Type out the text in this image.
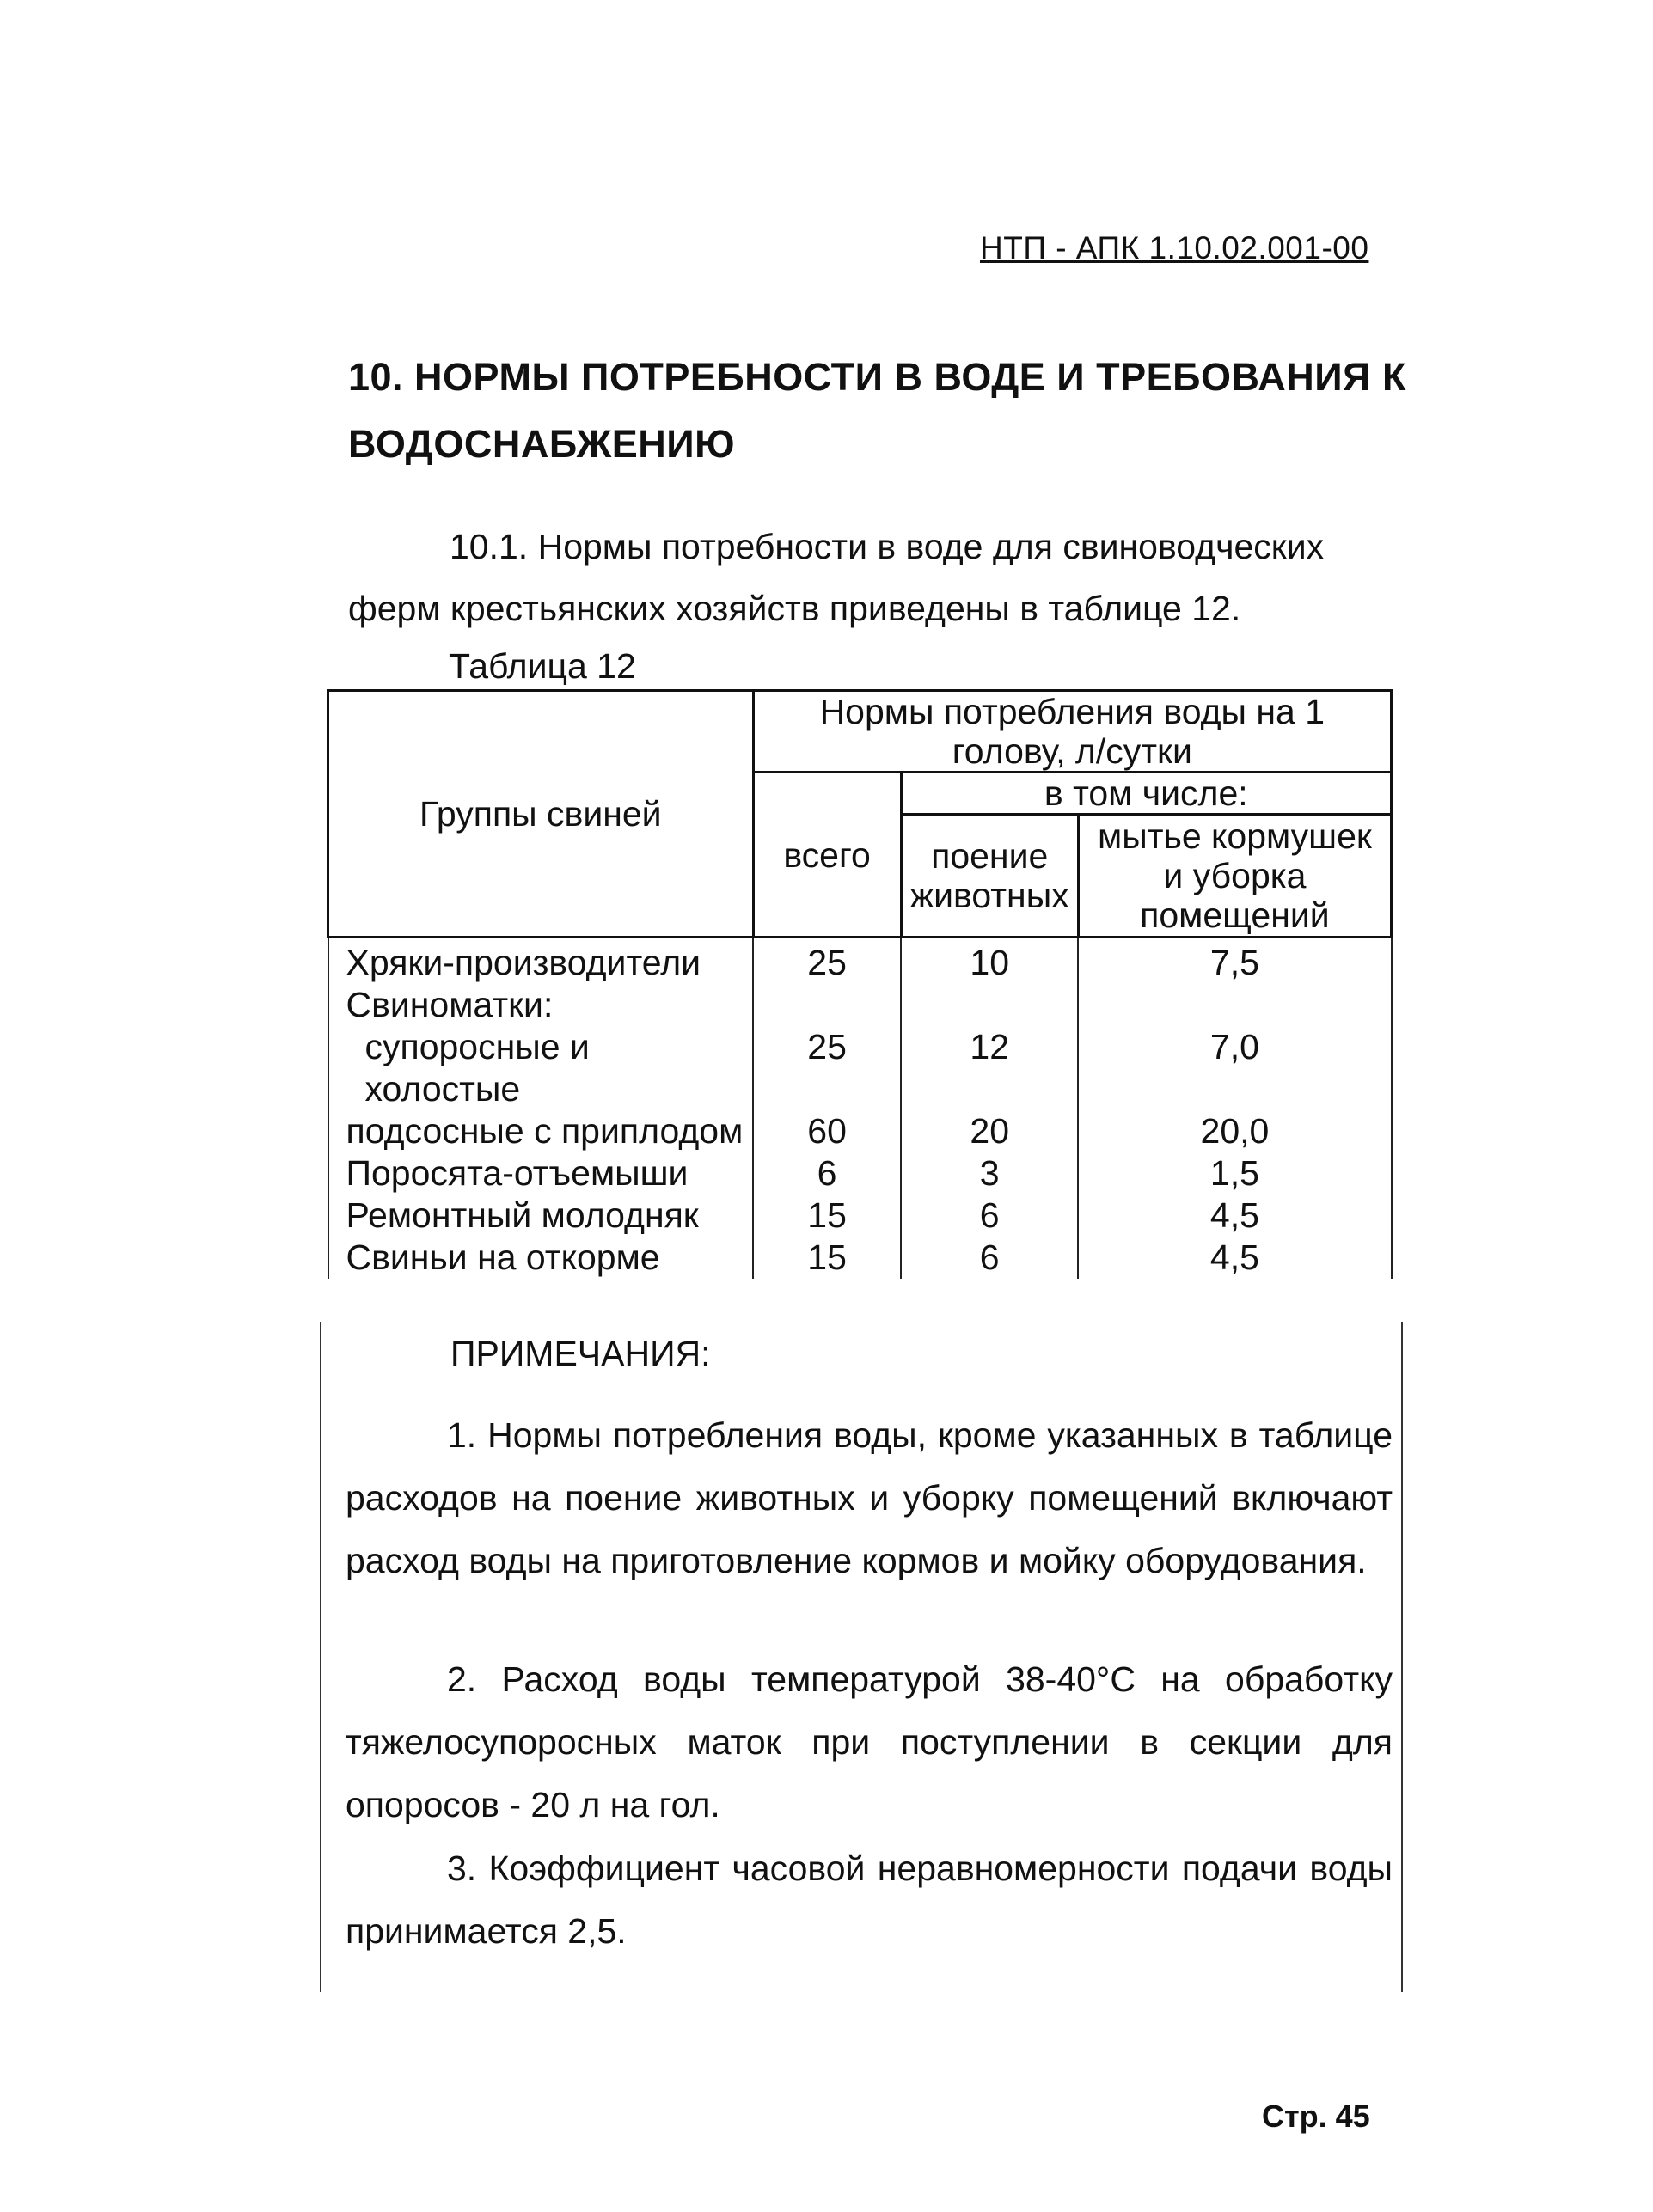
НТП - АПК 1.10.02.001-00
10. НОРМЫ ПОТРЕБНОСТИ В ВОДЕ И ТРЕБОВАНИЯ К ВОДОСНАБЖЕНИЮ
10.1. Нормы потребности в воде для свиноводческих
ферм крестьянских хозяйств приведены в таблице 12.
Таблица 12
Группы свиней	Нормы потребления воды на 1 голову, л/сутки		
	всего	в том числе:	
		поение животных	мытье кормушек и уборка помещений
Хряки-производители	25	10	7,5
Свиноматки:			
супоросные и холостые	25	12	7,0
подсосные с приплодом	60	20	20,0
Поросята-отъемыши	6	3	1,5
Ремонтный молодняк	15	6	4,5
Свиньи на откорме	15	6	4,5
ПРИМЕЧАНИЯ:
1. Нормы потребления воды, кроме указанных в таблице расходов на поение животных и уборку помещений включают расход воды на приготовление кормов и мойку оборудования.
2. Расход воды температурой 38-40°С на обработку тяжелосупоросных маток при поступлении в секции для опоросов - 20 л на гол.
3. Коэффициент часовой неравномерности подачи воды принимается 2,5.
Стр. 45
